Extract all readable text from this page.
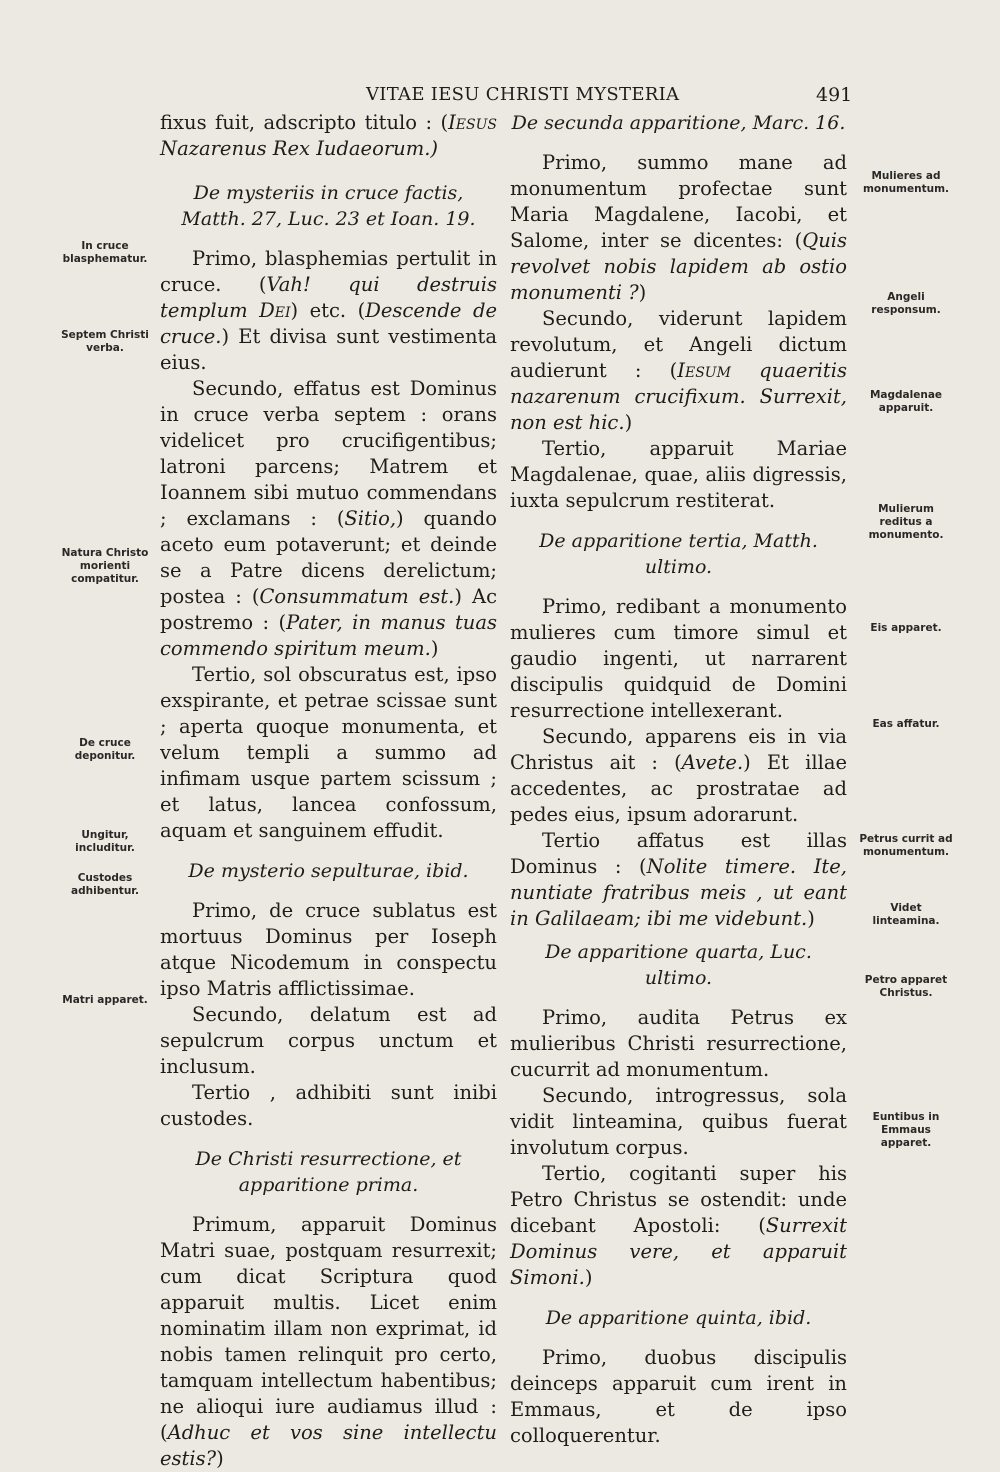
VITAE IESU CHRISTI MYSTERIA	491

fixus fuit, adscripto titulo : (Iesus Nazarenus Rex Iudaeorum.)

De mysteriis in cruce factis,
Matth. 27, Luc. 23 et Ioan. 19.

Primo, blasphemias pertulit in cruce. (Vah! qui destruis templum Dei) etc. (Descende de cruce.) Et divisa sunt vestimenta eius.

Secundo, effatus est Dominus in cruce verba septem : orans videlicet pro crucifigentibus; latroni parcens; Matrem et Ioannem sibi mutuo commendans ; exclamans : (Sitio,) quando aceto eum potaverunt; et deinde se a Patre dicens derelictum; postea : (Consummatum est.) Ac postremo : (Pater, in manus tuas commendo spiritum meum.)

Tertio, sol obscuratus est, ipso exspirante, et petrae scissae sunt ; aperta quoque monumenta, et velum templi a summo ad infimam usque partem scissum ; et latus, lancea confossum, aquam et sanguinem effudit.

De mysterio sepulturae, ibid.

Primo, de cruce sublatus est mortuus Dominus per Ioseph atque Nicodemum in conspectu ipso Matris afflictissimae.

Secundo, delatum est ad sepulcrum corpus unctum et inclusum.

Tertio , adhibiti sunt inibi custodes.

De Christi resurrectione, et apparitione prima.

Primum, apparuit Dominus Matri suae, postquam resurrexit; cum dicat Scriptura quod apparuit multis. Licet enim nominatim illam non exprimat, id nobis tamen relinquit pro certo, tamquam intellectum habentibus; ne alioqui iure audiamus illud : (Adhuc et vos sine intellectu estis?)

De secunda apparitione, Marc. 16.

Primo, summo mane ad monumentum profectae sunt Maria Magdalene, Iacobi, et Salome, inter se dicentes: (Quis revolvet nobis lapidem ab ostio monumenti ?)

Secundo, viderunt lapidem revolutum, et Angeli dictum audierunt : (Iesum quaeritis nazarenum crucifixum. Surrexit, non est hic.)

Tertio, apparuit Mariae Magdalenae, quae, aliis digressis, iuxta sepulcrum restiterat.

De apparitione tertia, Matth. ultimo.

Primo, redibant a monumento mulieres cum timore simul et gaudio ingenti, ut narrarent discipulis quidquid de Domini resurrectione intellexerant.

Secundo, apparens eis in via Christus ait : (Avete.) Et illae accedentes, ac prostratae ad pedes eius, ipsum adorarunt.

Tertio affatus est illas Dominus : (Nolite timere. Ite, nuntiate fratribus meis , ut eant in Galilaeam; ibi me videbunt.)

De apparitione quarta, Luc. ultimo.

Primo, audita Petrus ex mulieribus Christi resurrectione, cucurrit ad monumentum.

Secundo, introgressus, sola vidit linteamina, quibus fuerat involutum corpus.

Tertio, cogitanti super his Petro Christus se ostendit: unde dicebant Apostoli: (Surrexit Dominus vere, et apparuit Simoni.)

De apparitione quinta, ibid.

Primo, duobus discipulis deinceps apparuit cum irent in Emmaus, et de ipso colloquerentur.

In cruce blasphematur.
Septem Christi verba.
Natura Christo morienti compatitur.
De cruce deponitur.
Ungitur, includitur.
Custodes adhibentur.
Matri apparet.
Mulieres ad monumentum.
Angeli responsum.
Magdalenae apparuit.
Mulierum reditus a monumento.
Eis apparet.
Eas affatur.
Petrus currit ad monumentum.
Videt linteamina.
Petro apparet Christus.
Euntibus in Emmaus apparet.
